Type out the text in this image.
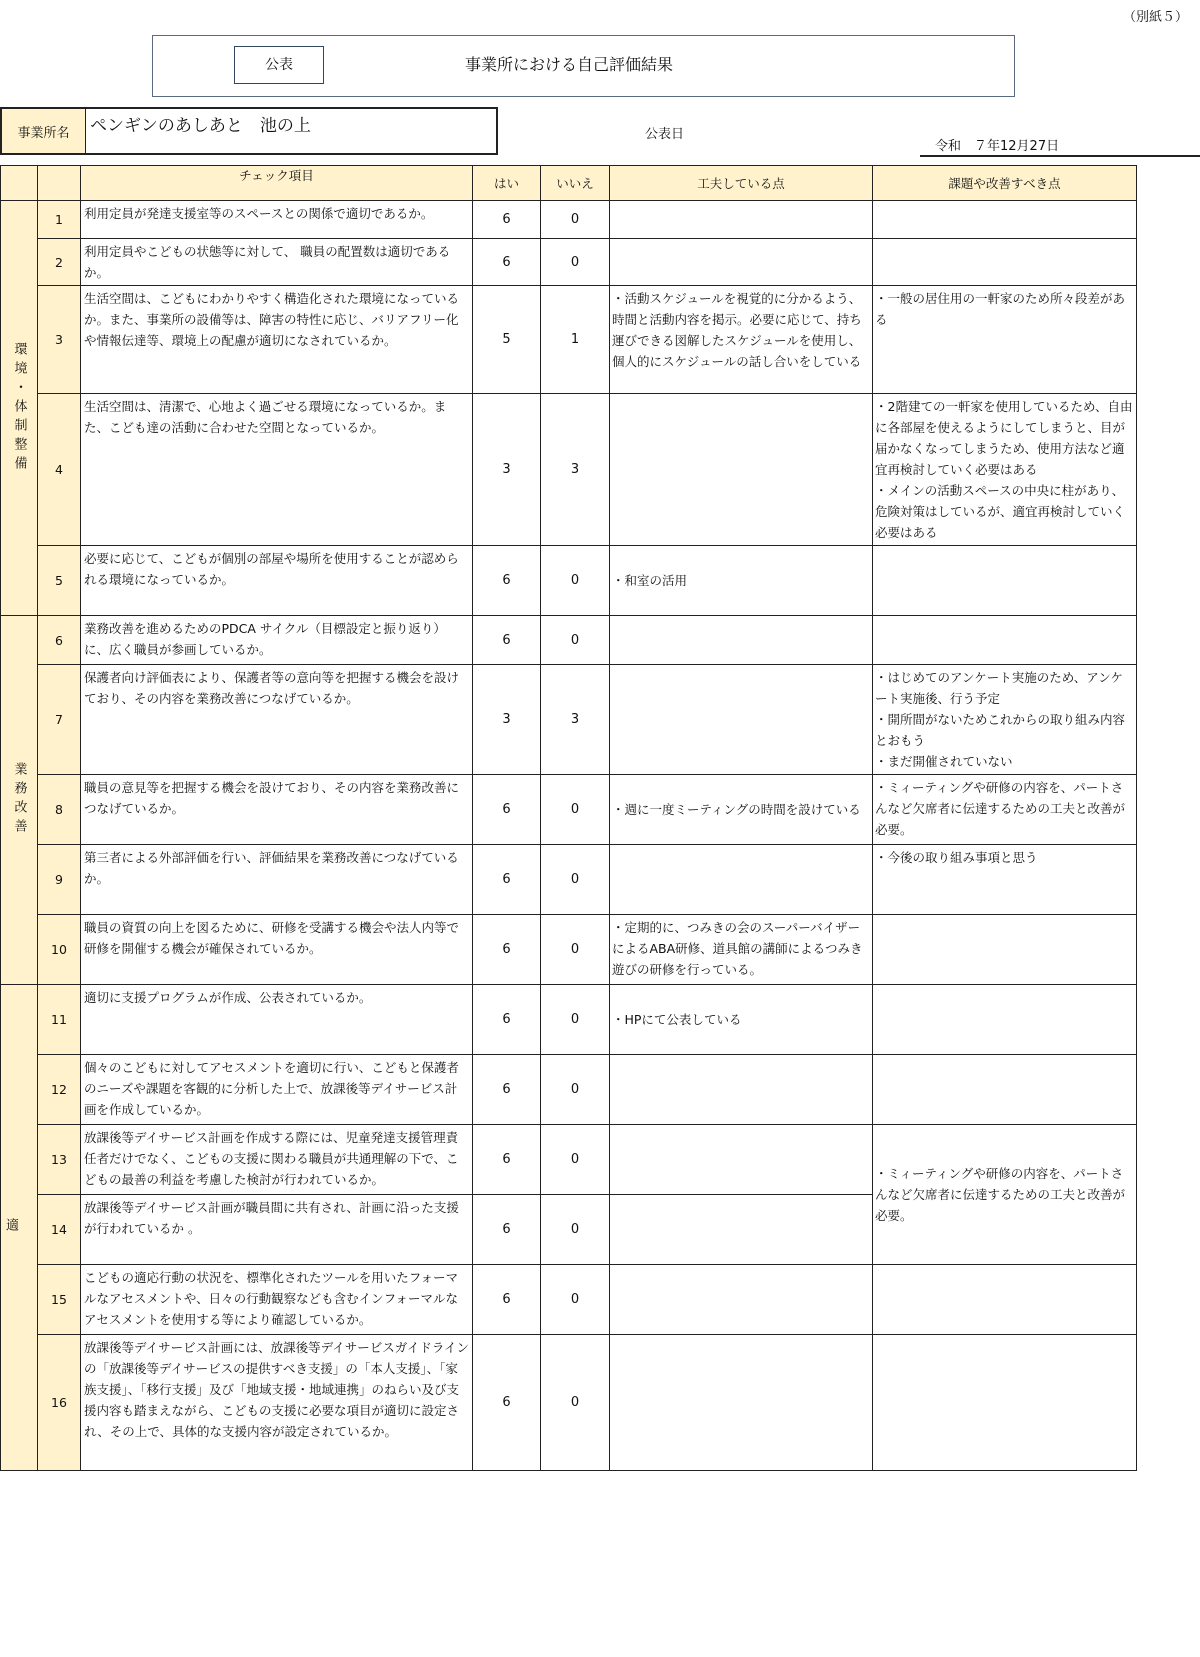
（別紙５）
公表	事業所における自己評価結果
事業所名	ペンギンのあしあと　池の上	公表日
令和　７年12月27日
		チェック項目	はい	いいえ	工夫している点	課題や改善すべき点	
環境・体制整備	1	利用定員が発達支援室等のスペースとの関係で適切であるか。	6	0			
	2	利用定員やこどもの状態等に対して、 職員の配置数は適切であるか。	6	0			
	3	生活空間は、こどもにわかりやすく構造化された環境になっているか。また、事業所の設備等は、障害の特性に応じ、バリアフリー化や情報伝達等、環境上の配慮が適切になされているか。	5	1	・活動スケジュールを視覚的に分かるよう、時間と活動内容を掲示。必要に応じて、持ち運びできる図解したスケジュールを使用し、個人的にスケジュールの話し合いをしている	・一般の居住用の一軒家のため所々段差がある	
	4	生活空間は、清潔で、心地よく過ごせる環境になっているか。また、こども達の活動に合わせた空間となっているか。	3	3		・2階建ての一軒家を使用しているため、自由に各部屋を使えるようにしてしまうと、目が届かなくなってしまうため、使用方法など適宜再検討していく必要はある
・メインの活動スペースの中央に柱があり、危険対策はしているが、適宜再検討していく必要はある	
	5	必要に応じて、こどもが個別の部屋や場所を使用することが認められる環境になっているか。	6	0	・和室の活用		
業務改善	6	業務改善を進めるためのPDCA サイクル（目標設定と振り返り）に、広く職員が参画しているか。	6	0			
	7	保護者向け評価表により、保護者等の意向等を把握する機会を設けており、その内容を業務改善につなげているか。	3	3		・はじめてのアンケート実施のため、アンケート実施後、行う予定
・開所間がないためこれからの取り組み内容とおもう
・まだ開催されていない	
	8	職員の意見等を把握する機会を設けており、その内容を業務改善につなげているか。	6	0	・週に一度ミーティングの時間を設けている	・ミィーティングや研修の内容を、パートさんなど欠席者に伝達するための工夫と改善が必要。	
	9	第三者による外部評価を行い、評価結果を業務改善につなげているか。	6	0		・今後の取り組み事項と思う	
	10	職員の資質の向上を図るために、研修を受講する機会や法人内等で研修を開催する機会が確保されているか。	6	0	・定期的に、つみきの会のスーパーバイザーによるABA研修、道具館の講師によるつみき遊びの研修を行っている。		
適	11	適切に支援プログラムが作成、公表されているか。	6	0	・HPにて公表している		
	12	個々のこどもに対してアセスメントを適切に行い、こどもと保護者のニーズや課題を客観的に分析した上で、放課後等デイサービス計画を作成しているか。	6	0			
	13	放課後等デイサービス計画を作成する際には、児童発達支援管理責任者だけでなく、こどもの支援に関わる職員が共通理解の下で、こどもの最善の利益を考慮した検討が行われているか。	6	0		・ミィーティングや研修の内容を、パートさんなど欠席者に伝達するための工夫と改善が必要。	
	14	放課後等デイサービス計画が職員間に共有され、計画に沿った支援が行われているか 。	6	0			
	15	こどもの適応行動の状況を、標準化されたツールを用いたフォーマルなアセスメントや、日々の行動観察なども含むインフォーマルなアセスメントを使用する等により確認しているか。	6	0			
	16	放課後等デイサービス計画には、放課後等デイサービスガイドラインの「放課後等デイサービスの提供すべき支援」の「本人支援」、「家族支援」、「移行支援」及び「地域支援・地域連携」のねらい及び支援内容も踏まえながら、こどもの支援に必要な項目が適切に設定され、その上で、具体的な支援内容が設定されているか。	6	0			
